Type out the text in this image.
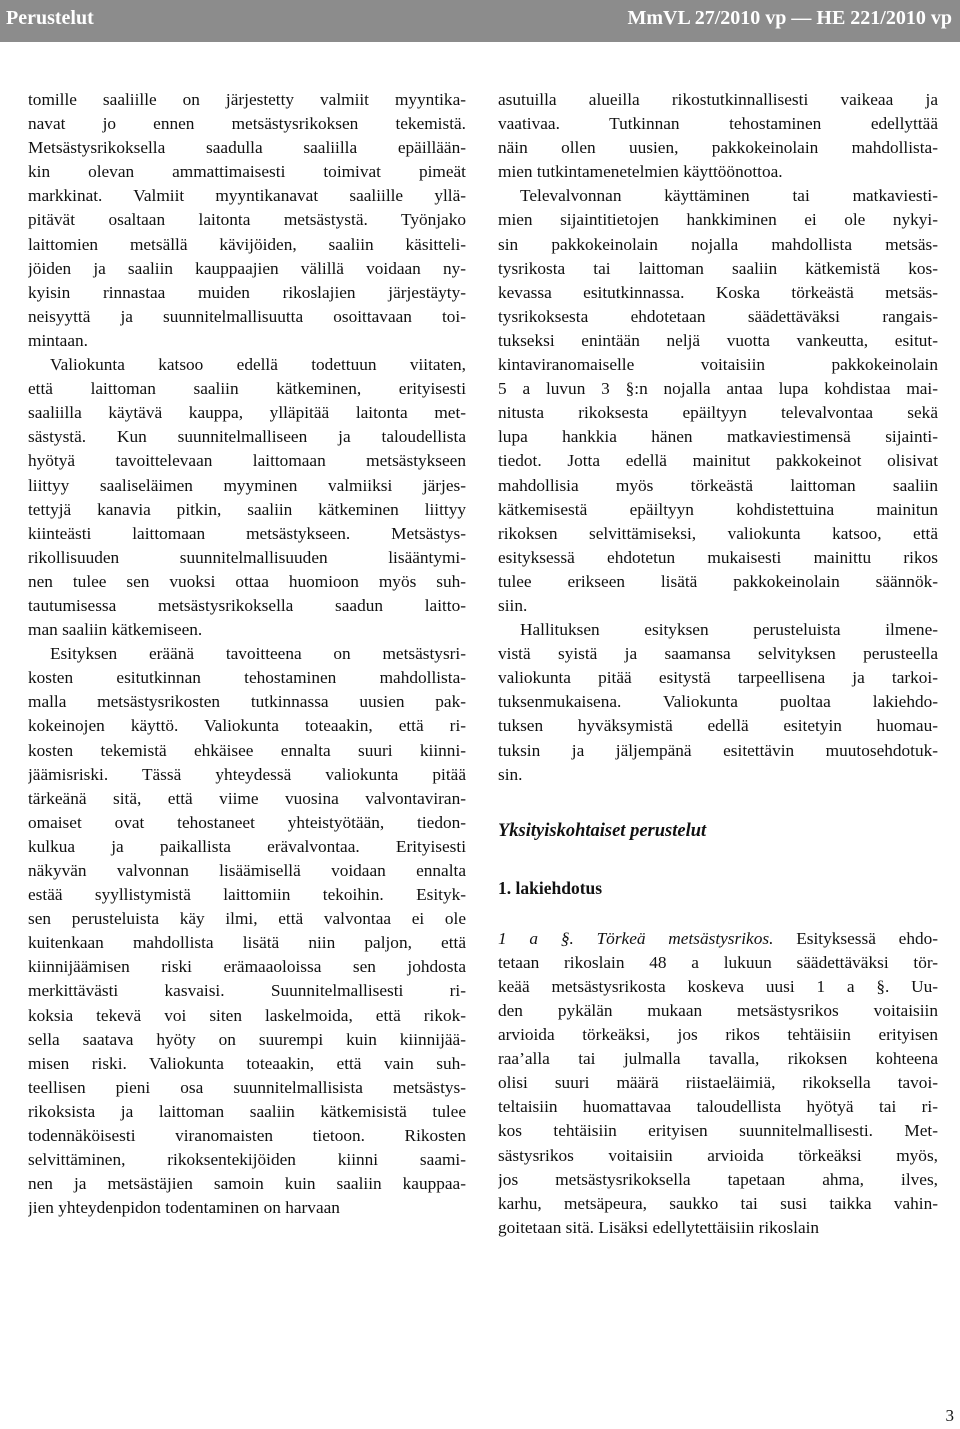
Perustelut	MmVL 27/2010 vp — HE 221/2010 vp

tomille saaliille on järjestetty valmiit myyntika-
navat jo ennen metsästysrikoksen tekemistä.
Metsästysrikoksella saadulla saaliilla epäillään-
kin olevan ammattimaisesti toimivat pimeät
markkinat. Valmiit myyntikanavat saaliille yllä-
pitävät osaltaan laitonta metsästystä. Työnjako
laittomien metsällä kävijöiden, saaliin käsitteli-
jöiden ja saaliin kauppaajien välillä voidaan ny-
kyisin rinnastaa muiden rikoslajien järjestäyty-
neisyyttä ja suunnitelmallisuutta osoittavaan toi-
mintaan.

Valiokunta katsoo edellä todettuun viitaten,
että laittoman saaliin kätkeminen, erityisesti
saaliilla käytävä kauppa, ylläpitää laitonta met-
sästystä. Kun suunnitelmalliseen ja taloudellista
hyötyä tavoittelevaan laittomaan metsästykseen
liittyy saaliseläimen myyminen valmiiksi järjes-
tettyjä kanavia pitkin, saaliin kätkeminen liittyy
kiinteästi laittomaan metsästykseen. Metsästys-
rikollisuuden suunnitelmallisuuden lisääntymi-
nen tulee sen vuoksi ottaa huomioon myös suh-
tautumisessa metsästysrikoksella saadun laitto-
man saaliin kätkemiseen.

Esityksen eräänä tavoitteena on metsästysri-
kosten esitutkinnan tehostaminen mahdollista-
malla metsästysrikosten tutkinnassa uusien pak-
kokeinojen käyttö. Valiokunta toteaakin, että ri-
kosten tekemistä ehkäisee ennalta suuri kiinni-
jäämisriski. Tässä yhteydessä valiokunta pitää
tärkeänä sitä, että viime vuosina valvontaviran-
omaiset ovat tehostaneet yhteistyötään, tiedon-
kulkua ja paikallista erävalvontaa. Erityisesti
näkyvän valvonnan lisäämisellä voidaan ennalta
estää syyllistymistä laittomiin tekoihin. Esityk-
sen perusteluista käy ilmi, että valvontaa ei ole
kuitenkaan mahdollista lisätä niin paljon, että
kiinnijäämisen riski erämaaoloissa sen johdosta
merkittävästi kasvaisi. Suunnitelmallisesti ri-
koksia tekevä voi siten laskelmoida, että rikok-
sella saatava hyöty on suurempi kuin kiinnijää-
misen riski. Valiokunta toteaakin, että vain suh-
teellisen pieni osa suunnitelmallisista metsästys-
rikoksista ja laittoman saaliin kätkemisistä tulee
todennäköisesti viranomaisten tietoon. Rikosten
selvittäminen, rikoksentekijöiden kiinni saami-
nen ja metsästäjien samoin kuin saaliin kauppaa-
jien yhteydenpidon todentaminen on harvaan

asutuilla alueilla rikostutkinnallisesti vaikeaa ja
vaativaa. Tutkinnan tehostaminen edellyttää
näin ollen uusien, pakkokeinolain mahdollista-
mien tutkintamenetelmien käyttöönottoa.

Televalvonnan käyttäminen tai matkaviesti-
mien sijaintitietojen hankkiminen ei ole nykyi-
sin pakkokeinolain nojalla mahdollista metsäs-
tysrikosta tai laittoman saaliin kätkemistä kos-
kevassa esitutkinnassa. Koska törkeästä metsäs-
tysrikoksesta ehdotetaan säädettäväksi rangais-
tukseksi enintään neljä vuotta vankeutta, esitut-
kintaviranomaiselle voitaisiin pakkokeinolain
5 a luvun 3 §:n nojalla antaa lupa kohdistaa mai-
nitusta rikoksesta epäiltyyn televalvontaa sekä
lupa hankkia hänen matkaviestimensä sijainti-
tiedot. Jotta edellä mainitut pakkokeinot olisivat
mahdollisia myös törkeästä laittoman saaliin
kätkemisestä epäiltyyn kohdistettuina mainitun
rikoksen selvittämiseksi, valiokunta katsoo, että
esityksessä ehdotetun mukaisesti mainittu rikos
tulee erikseen lisätä pakkokeinolain säännök-
siin.

Hallituksen esityksen perusteluista ilmene-
vistä syistä ja saamansa selvityksen perusteella
valiokunta pitää esitystä tarpeellisena ja tarkoi-
tuksenmukaisena. Valiokunta puoltaa lakiehdo-
tuksen hyväksymistä edellä esitetyin huomau-
tuksin ja jäljempänä esitettävin muutosehdotuk-
sin.

Yksityiskohtaiset perustelut
1. lakiehdotus

1 a §. Törkeä metsästysrikos. Esityksessä ehdo-
tetaan rikoslain 48 a lukuun säädettäväksi tör-
keää metsästysrikosta koskeva uusi 1 a §. Uu-
den pykälän mukaan metsästysrikos voitaisiin
arvioida törkeäksi, jos rikos tehtäisiin erityisen
raa’alla tai julmalla tavalla, rikoksen kohteena
olisi suuri määrä riistaeläimiä, rikoksella tavoi-
teltaisiin huomattavaa taloudellista hyötyä tai ri-
kos tehtäisiin erityisen suunnitelmallisesti. Met-
sästysrikos voitaisiin arvioida törkeäksi myös,
jos metsästysrikoksella tapetaan ahma, ilves,
karhu, metsäpeura, saukko tai susi taikka vahin-
goitetaan sitä. Lisäksi edellytettäisiin rikoslain

3
